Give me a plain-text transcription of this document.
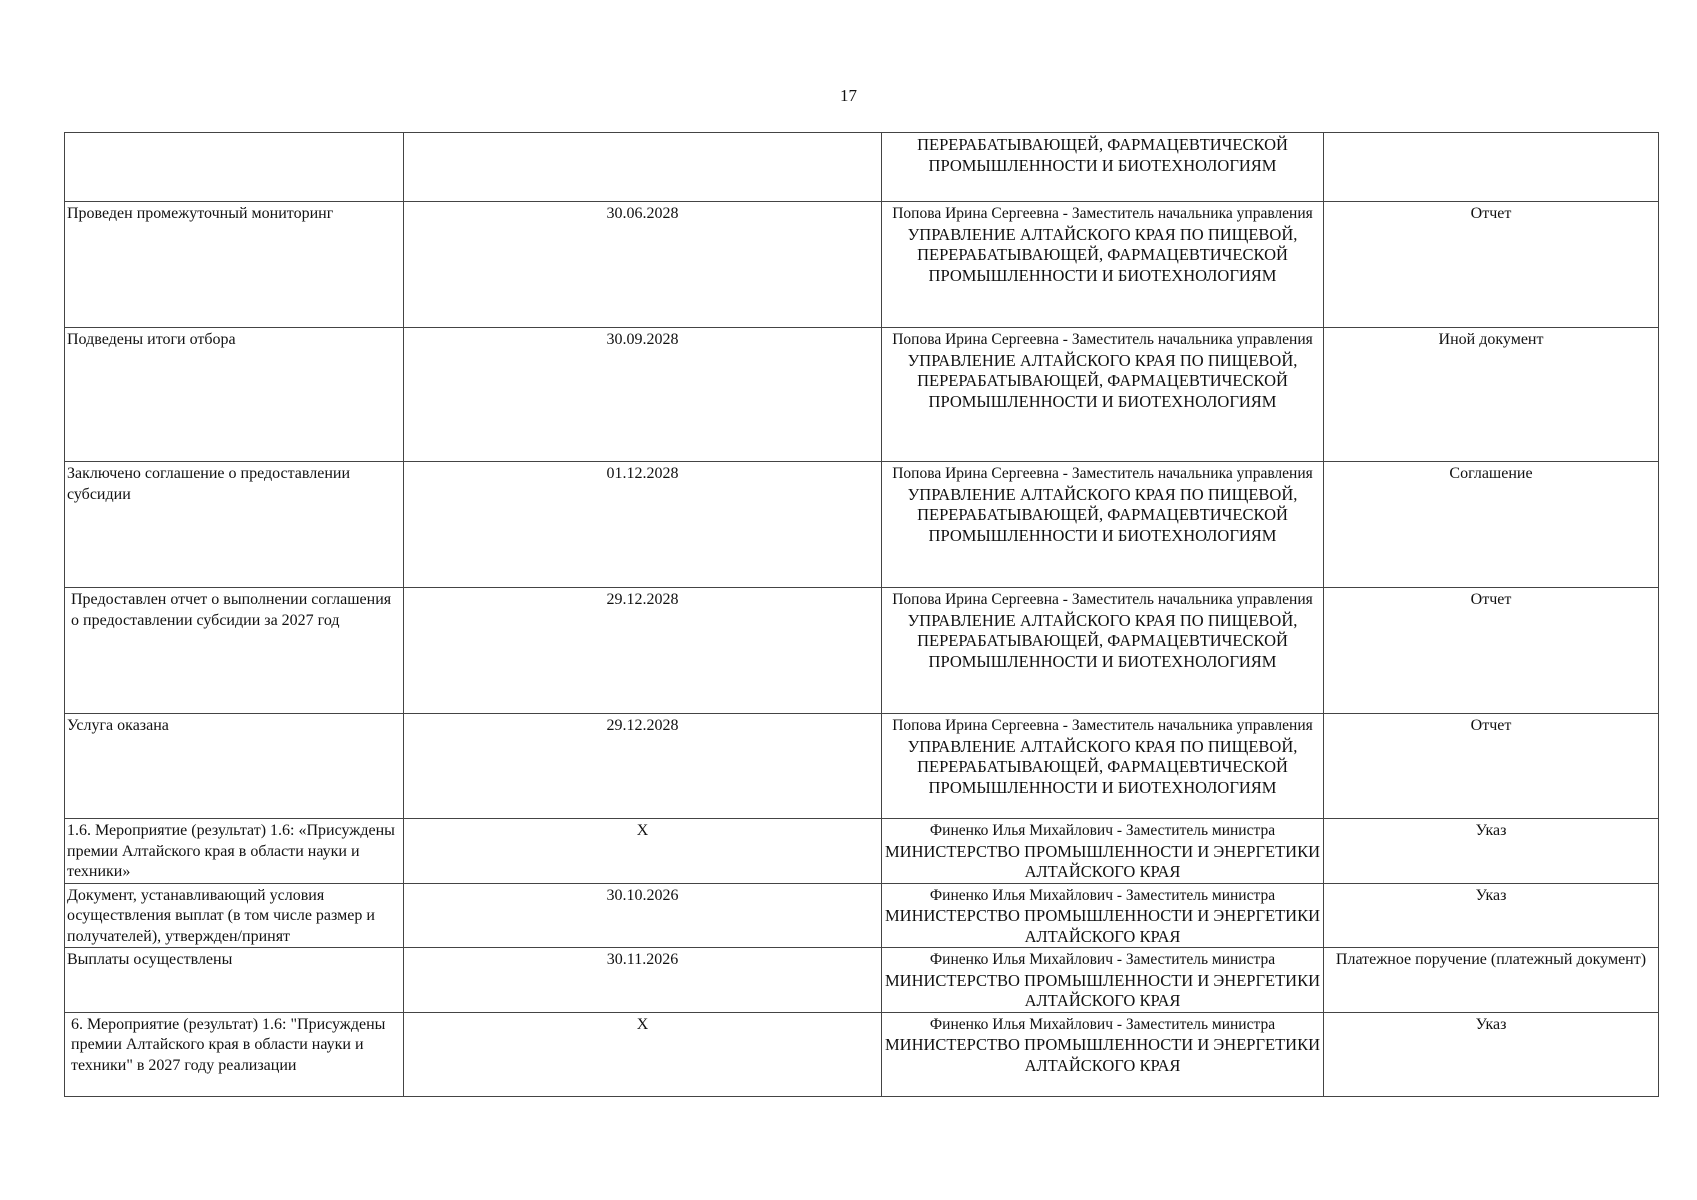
17

		ПЕРЕРАБАТЫВАЮЩЕЙ, ФАРМАЦЕВТИЧЕСКОЙ ПРОМЫШЛЕННОСТИ И БИОТЕХНОЛОГИЯМ	

Проведен промежуточный мониторинг	30.06.2028	Попова Ирина Сергеевна - Заместитель начальника управления
УПРАВЛЕНИЕ АЛТАЙСКОГО КРАЯ ПО ПИЩЕВОЙ, ПЕРЕРАБАТЫВАЮЩЕЙ, ФАРМАЦЕВТИЧЕСКОЙ ПРОМЫШЛЕННОСТИ И БИОТЕХНОЛОГИЯМ	Отчет
Подведены итоги отбора	30.09.2028	Попова Ирина Сергеевна - Заместитель начальника управления
УПРАВЛЕНИЕ АЛТАЙСКОГО КРАЯ ПО ПИЩЕВОЙ, ПЕРЕРАБАТЫВАЮЩЕЙ, ФАРМАЦЕВТИЧЕСКОЙ ПРОМЫШЛЕННОСТИ И БИОТЕХНОЛОГИЯМ	Иной документ
Заключено соглашение о предоставлении субсидии	01.12.2028	Попова Ирина Сергеевна - Заместитель начальника управления
УПРАВЛЕНИЕ АЛТАЙСКОГО КРАЯ ПО ПИЩЕВОЙ, ПЕРЕРАБАТЫВАЮЩЕЙ, ФАРМАЦЕВТИЧЕСКОЙ ПРОМЫШЛЕННОСТИ И БИОТЕХНОЛОГИЯМ	Соглашение
Предоставлен отчет о выполнении соглашения о предоставлении субсидии за 2027 год	29.12.2028	Попова Ирина Сергеевна - Заместитель начальника управления
УПРАВЛЕНИЕ АЛТАЙСКОГО КРАЯ ПО ПИЩЕВОЙ, ПЕРЕРАБАТЫВАЮЩЕЙ, ФАРМАЦЕВТИЧЕСКОЙ ПРОМЫШЛЕННОСТИ И БИОТЕХНОЛОГИЯМ	Отчет
Услуга оказана	29.12.2028	Попова Ирина Сергеевна - Заместитель начальника управления
УПРАВЛЕНИЕ АЛТАЙСКОГО КРАЯ ПО ПИЩЕВОЙ, ПЕРЕРАБАТЫВАЮЩЕЙ, ФАРМАЦЕВТИЧЕСКОЙ ПРОМЫШЛЕННОСТИ И БИОТЕХНОЛОГИЯМ	Отчет
1.6. Мероприятие (результат) 1.6: «Присуждены премии Алтайского края в области науки и техники»	X	Финенко Илья Михайлович - Заместитель министра
МИНИСТЕРСТВО ПРОМЫШЛЕННОСТИ И ЭНЕРГЕТИКИ АЛТАЙСКОГО КРАЯ	Указ
Документ, устанавливающий условия осуществления выплат (в том числе размер и получателей), утвержден/принят	30.10.2026	Финенко Илья Михайлович - Заместитель министра
МИНИСТЕРСТВО ПРОМЫШЛЕННОСТИ И ЭНЕРГЕТИКИ АЛТАЙСКОГО КРАЯ	Указ
Выплаты осуществлены	30.11.2026	Финенко Илья Михайлович - Заместитель министра
МИНИСТЕРСТВО ПРОМЫШЛЕННОСТИ И ЭНЕРГЕТИКИ АЛТАЙСКОГО КРАЯ	Платежное поручение (платежный документ)
6. Мероприятие (результат) 1.6: "Присуждены премии Алтайского края в области науки и техники" в 2027 году реализации	X	Финенко Илья Михайлович - Заместитель министра
МИНИСТЕРСТВО ПРОМЫШЛЕННОСТИ И ЭНЕРГЕТИКИ АЛТАЙСКОГО КРАЯ	Указ
